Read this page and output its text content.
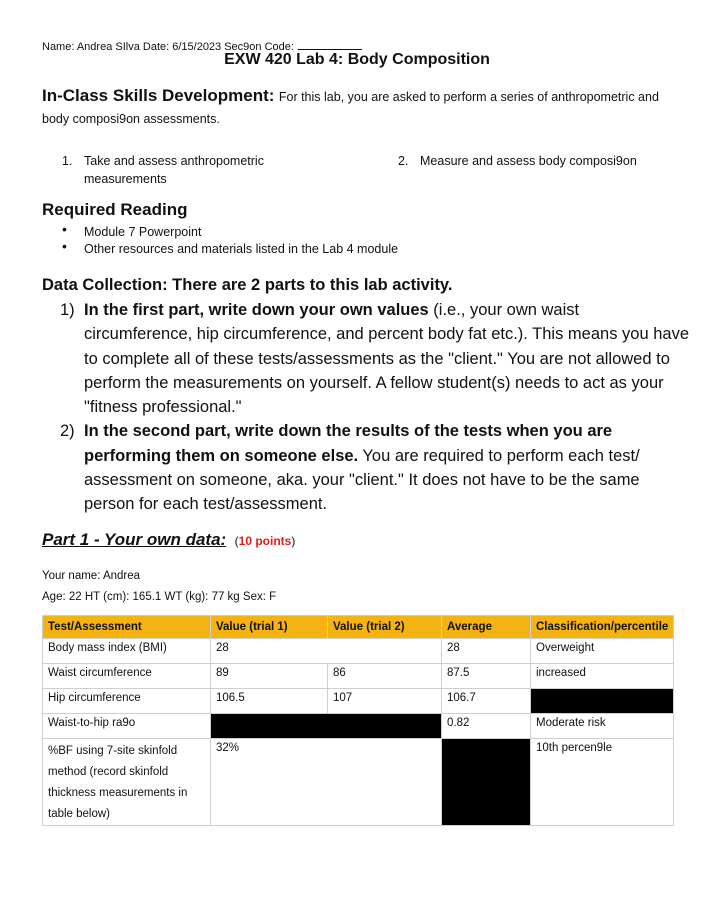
Name: Andrea SIlva Date: 6/15/2023 Sec9on Code:
EXW 420 Lab 4: Body Composition
In-Class Skills Development: For this lab, you are asked to perform a series of anthropometric and body composi9on assessments.
1. Take and assess anthropometric
measurements
2. Measure and assess body composi9on
Required Reading
• Module 7 Powerpoint
• Other resources and materials listed in the Lab 4 module
Data Collection: There are 2 parts to this lab activity.
1) In the first part, write down your own values (i.e., your own waist circumference, hip circumference, and percent body fat etc.). This means you have to complete all of these tests/assessments as the "client." You are not allowed to perform the measurements on yourself. A fellow student(s) needs to act as your "fitness professional."
2) In the second part, write down the results of the tests when you are performing them on someone else. You are required to perform each test/ assessment on someone, aka. your "client." It does not have to be the same person for each test/assessment.
Part 1 - Your own data: (10 points)
Your name: Andrea
Age: 22 HT (cm): 165.1 WT (kg): 77 kg Sex: F
Test/Assessment	Value (trial 1)	Value (trial 2)	Average	Classification/percentile
Body mass index (BMI)	28		28	Overweight
Waist circumference	89	86	87.5	increased
Hip circumference	106.5	107	106.7	
Waist-to-hip ra9o			0.82	Moderate risk
%BF using 7-site skinfold method (record skinfold thickness measurements in table below)	32%			10th percen9le
